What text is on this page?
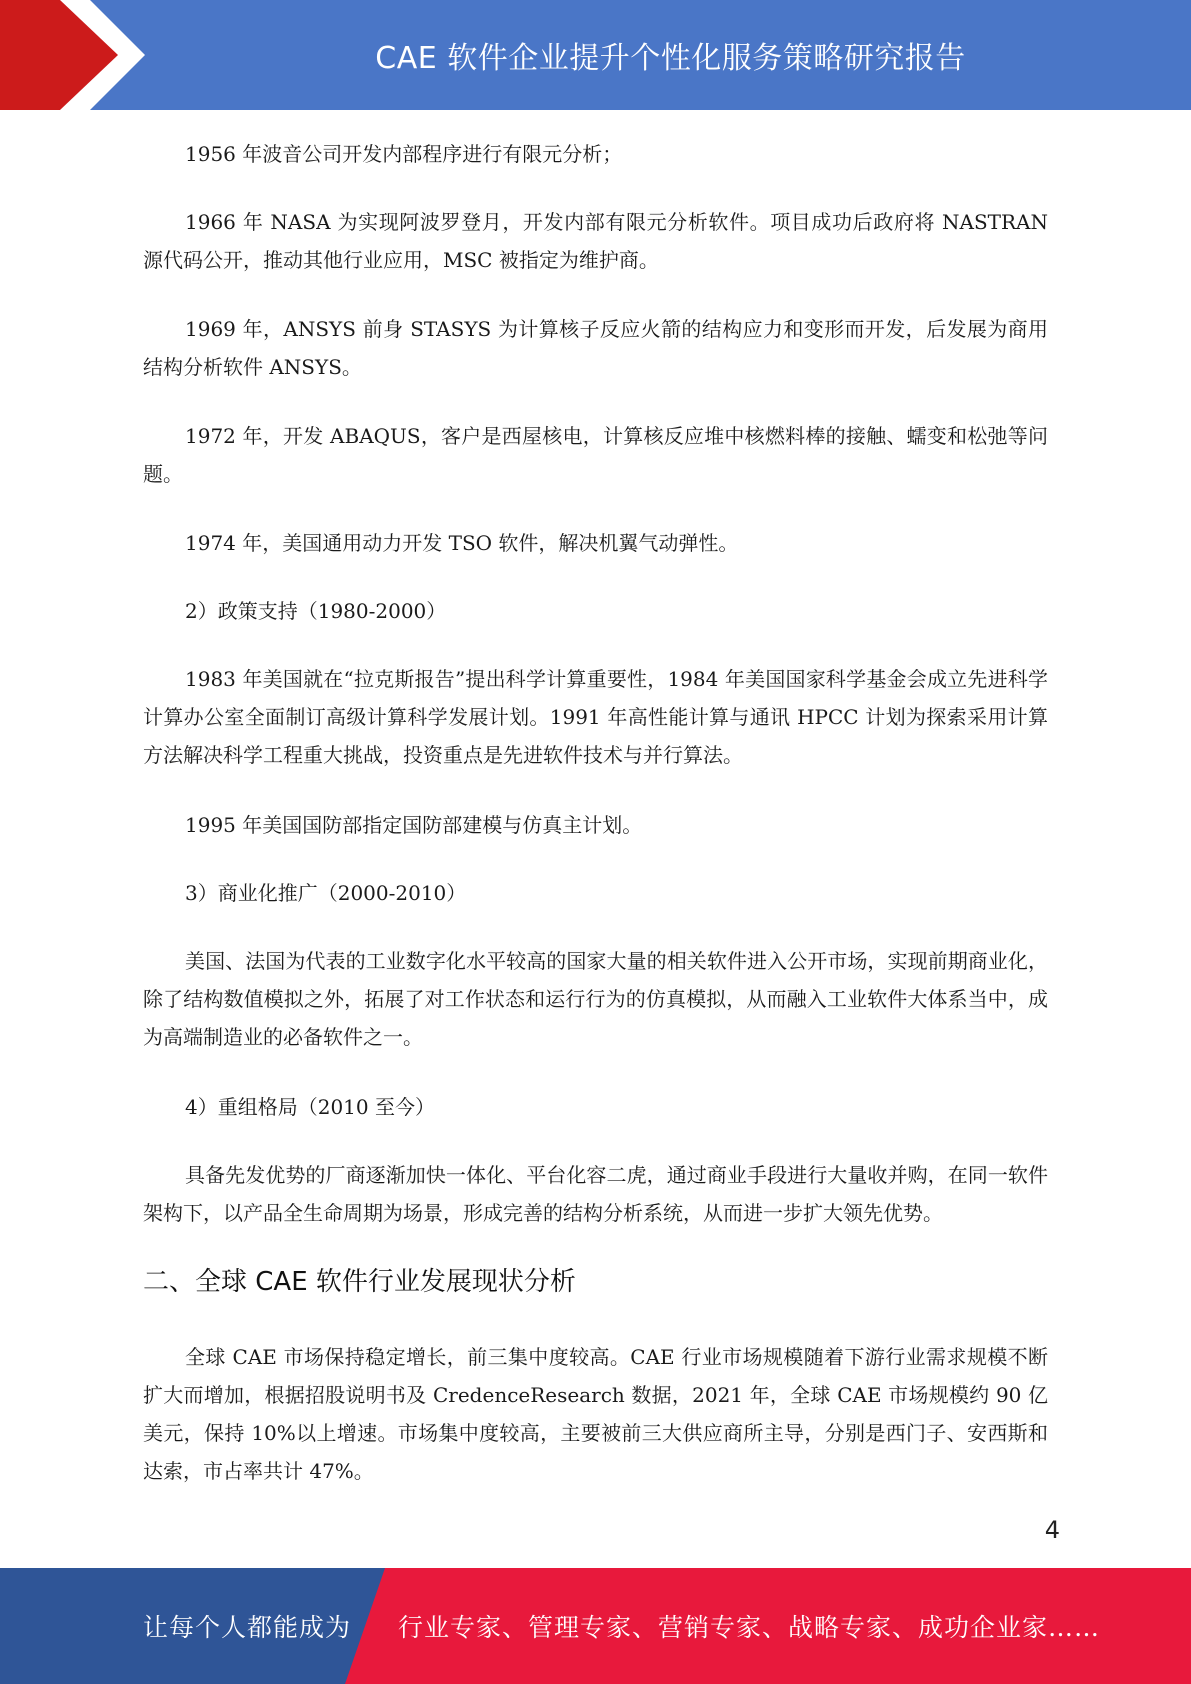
CAE 软件企业提升个性化服务策略研究报告

1956 年波音公司开发内部程序进行有限元分析；

1966 年 NASA 为实现阿波罗登月，开发内部有限元分析软件。项目成功后政府将 NASTRAN 源代码公开，推动其他行业应用，MSC 被指定为维护商。

1969 年，ANSYS 前身 STASYS 为计算核子反应火箭的结构应力和变形而开发，后发展为商用结构分析软件 ANSYS。

1972 年，开发 ABAQUS，客户是西屋核电，计算核反应堆中核燃料棒的接触、蠕变和松弛等问题。

1974 年，美国通用动力开发 TSO 软件，解决机翼气动弹性。

2）政策支持（1980-2000）

1983 年美国就在“拉克斯报告”提出科学计算重要性，1984 年美国国家科学基金会成立先进科学计算办公室全面制订高级计算科学发展计划。1991 年高性能计算与通讯 HPCC 计划为探索采用计算方法解决科学工程重大挑战，投资重点是先进软件技术与并行算法。

1995 年美国国防部指定国防部建模与仿真主计划。

3）商业化推广（2000-2010）

美国、法国为代表的工业数字化水平较高的国家大量的相关软件进入公开市场，实现前期商业化，除了结构数值模拟之外，拓展了对工作状态和运行行为的仿真模拟，从而融入工业软件大体系当中，成为高端制造业的必备软件之一。

4）重组格局（2010 至今）

具备先发优势的厂商逐渐加快一体化、平台化容二虎，通过商业手段进行大量收并购，在同一软件架构下，以产品全生命周期为场景，形成完善的结构分析系统，从而进一步扩大领先优势。

二、全球 CAE 软件行业发展现状分析

全球 CAE 市场保持稳定增长，前三集中度较高。CAE 行业市场规模随着下游行业需求规模不断扩大而增加，根据招股说明书及 CredenceResearch 数据，2021 年，全球 CAE 市场规模约 90 亿美元，保持 10%以上增速。市场集中度较高，主要被前三大供应商所主导，分别是西门子、安西斯和达索，市占率共计 47%。

4
让每个人都能成为 行业专家、管理专家、营销专家、战略专家、成功企业家……
